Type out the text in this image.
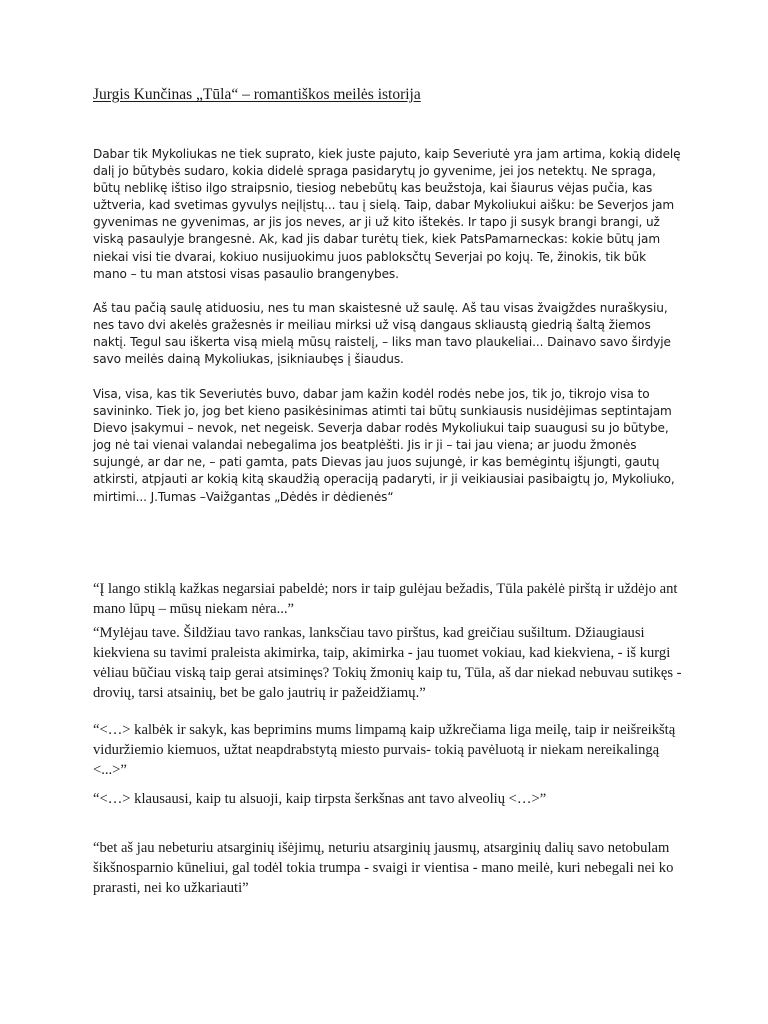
Jurgis Kunčinas „Tūla“ – romantiškos meilės istorija

Dabar tik Mykoliukas ne tiek suprato, kiek juste pajuto, kaip Severiutė yra jam artima, kokią didelę dalį jo būtybės sudaro, kokia didelė spraga pasidarytų jo gyvenime, jei jos netektų. Ne spraga, būtų neblikę ištiso ilgo straipsnio, tiesiog nebebūtų kas beužstoja, kai šiaurus vėjas pučia, kas užtveria, kad svetimas gyvulys neįlįstų... tau į sielą. Taip, dabar Mykoliukui aišku: be Severjos jam gyvenimas ne gyvenimas, ar jis jos neves, ar ji už kito ištekės. Ir tapo ji susyk brangi brangi, už viską pasaulyje brangesnė. Ak, kad jis dabar turėtų tiek, kiek PatsPamarneckas: kokie būtų jam niekai visi tie dvarai, kokiuo nusijuokimu juos pabloksčtų Severjai po kojų. Te, žinokis, tik būk mano – tu man atstosi visas pasaulio brangenybes.

Aš tau pačią saulę atiduosiu, nes tu man skaistesnė už saulę. Aš tau visas žvaigždes nuraškysiu, nes tavo dvi akelės gražesnės ir meiliau mirksi už visą dangaus skliaustą giedrią šaltą žiemos naktį. Tegul sau iškerta visą mielą mūsų raistelį, – liks man tavo plaukeliai... Dainavo savo širdyje savo meilės dainą Mykoliukas, įsikniaubęs į šiaudus.

Visa, visa, kas tik Severiutės buvo, dabar jam kažin kodėl rodės nebe jos, tik jo, tikrojo visa to savininko. Tiek jo, jog bet kieno pasikėsinimas atimti tai būtų sunkiausis nusidėjimas septintajam Dievo įsakymui – nevok, net negeisk. Severja dabar rodės Mykoliukui taip suaugusi su jo būtybe, jog nė tai vienai valandai nebegalima jos beatplėšti. Jis ir ji – tai jau viena; ar juodu žmonės sujungė, ar dar ne, – pati gamta, pats Dievas jau juos sujungė, ir kas bemėgintų išjungti, gautų atkirsti, atpjauti ar kokią kitą skaudžią operaciją padaryti, ir ji veikiausiai pasibaigtų jo, Mykoliuko, mirtimi... J.Tumas –Vaižgantas „Dėdės ir dėdienės“

“Į lango stiklą kažkas negarsiai pabeldė; nors ir taip gulėjau bežadis, Tūla pakėlė pirštą ir uždėjo ant mano lūpų – mūsų niekam nėra...”

“Mylėjau tave. Šildžiau tavo rankas, lanksčiau tavo pirštus, kad greičiau sušiltum. Džiaugiausi kiekviena su tavimi praleista akimirka, taip, akimirka - jau tuomet vokiau, kad kiekviena, - iš kurgi vėliau būčiau viską taip gerai atsiminęs? Tokių žmonių kaip tu, Tūla, aš dar niekad nebuvau sutikęs - drovių, tarsi atsainių, bet be galo jautrių ir pažeidžiamų.”

“<…> kalbėk ir sakyk, kas beprimins mums limpamą kaip užkrečiama liga meilę, taip ir neišreikštą viduržiemio kiemuos, užtat neapdrabstytą miesto purvais- tokią pavėluotą ir niekam nereikalingą <...>”

“<…> klausausi, kaip tu alsuoji, kaip tirpsta šerkšnas ant tavo alveolių <…>”

“bet aš jau nebeturiu atsarginių išėjimų, neturiu atsarginių jausmų, atsarginių dalių savo netobulam šikšnosparnio kūneliui, gal todėl tokia trumpa - svaigi ir vientisa - mano meilė, kuri nebegali nei ko prarasti, nei ko užkariauti”
